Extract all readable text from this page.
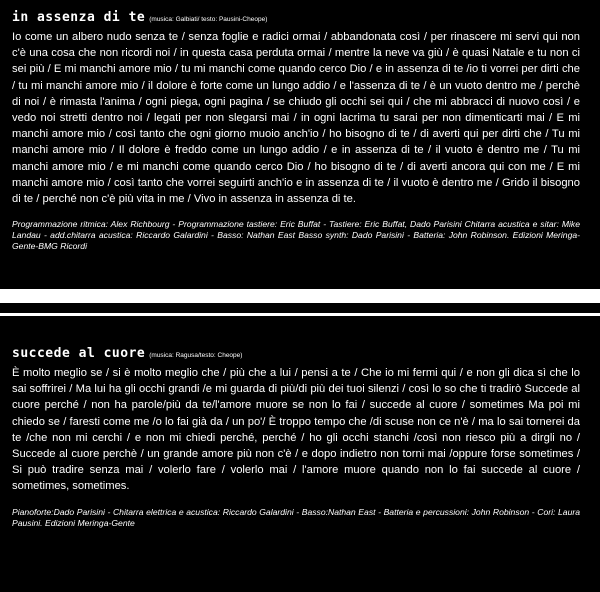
in assenza di te (musica: Galbiati/ testo: Pausini-Cheope)

Io come un albero nudo senza te / senza foglie e radici ormai / abbandonata così / per rinascere mi servi qui non c'è una cosa che non ricordi noi / in questa casa perduta ormai / mentre la neve va giù / è quasi Natale e tu non ci sei più / E mi manchi amore mio / tu mi manchi come quando cerco Dio / e in assenza di te /io ti vorrei per dirti che / tu mi manchi amore mio / il dolore è forte come un lungo addio / e l'assenza di te / è un vuoto dentro me / perchè di noi / è rimasta l'anima / ogni piega, ogni pagina / se chiudo gli occhi sei qui / che mi abbracci di nuovo così / e vedo noi stretti dentro noi / legati per non slegarsi mai / in ogni lacrima tu sarai per non dimenticarti mai / E mi manchi amore mio / così tanto che ogni giorno muoio anch'io / ho bisogno di te / di averti qui per dirti che / Tu mi manchi amore mio / Il dolore è freddo come un lungo addio / e in assenza di te / il vuoto è dentro me / Tu mi manchi amore mio / e mi manchi come quando cerco Dio / ho bisogno di te / di averti ancora qui con me / E mi manchi amore mio / così tanto che vorrei seguirti anch'io e in assenza di te / il vuoto è dentro me / Grido il bisogno di te / perché non c'è più vita in me / Vivo in assenza in assenza di te.

Programmazione ritmica: Alex Richbourg - Programmazione tastiere: Eric Buffat - Tastiere: Eric Buffat, Dado Parisini Chitarra acustica e sitar: Mike Landau - add.chitarra acustica: Riccardo Galardini - Basso: Nathan East Basso synth: Dado Parisini - Batteria: John Robinson. Edizioni Meringa-Gente-BMG Ricordi
succede al cuore (musica: Ragusa/testo: Cheope)

È molto meglio se / si è molto meglio che / più che a lui / pensi a te / Che io mi fermi qui / e non gli dica sì che lo sai soffrirei / Ma lui ha gli occhi grandi /e mi guarda di più/di più dei tuoi silenzi / così lo so che ti tradirò Succede al cuore perché / non ha parole/più da te/l'amore muore se non lo fai / succede al cuore / sometimes Ma poi mi chiedo se / faresti come me /o lo fai già da / un po'/ È troppo tempo che /di scuse non ce n'è / ma lo sai tornerei da te /che non mi cerchi / e non mi chiedi perché, perché / ho gli occhi stanchi /così non riesco più a dirgli no / Succede al cuore perchè / un grande amore più non c'è / e dopo indietro non torni mai /oppure forse sometimes / Si può tradire senza mai / volerlo fare / volerlo mai / l'amore muore quando non lo fai succede al cuore / sometimes, sometimes.

Pianoforte:Dado Parisini - Chitarra elettrica e acustica: Riccardo Galardini - Basso:Nathan East - Batteria e percussioni: John Robinson - Cori: Laura Pausini. Edizioni Meringa-Gente
